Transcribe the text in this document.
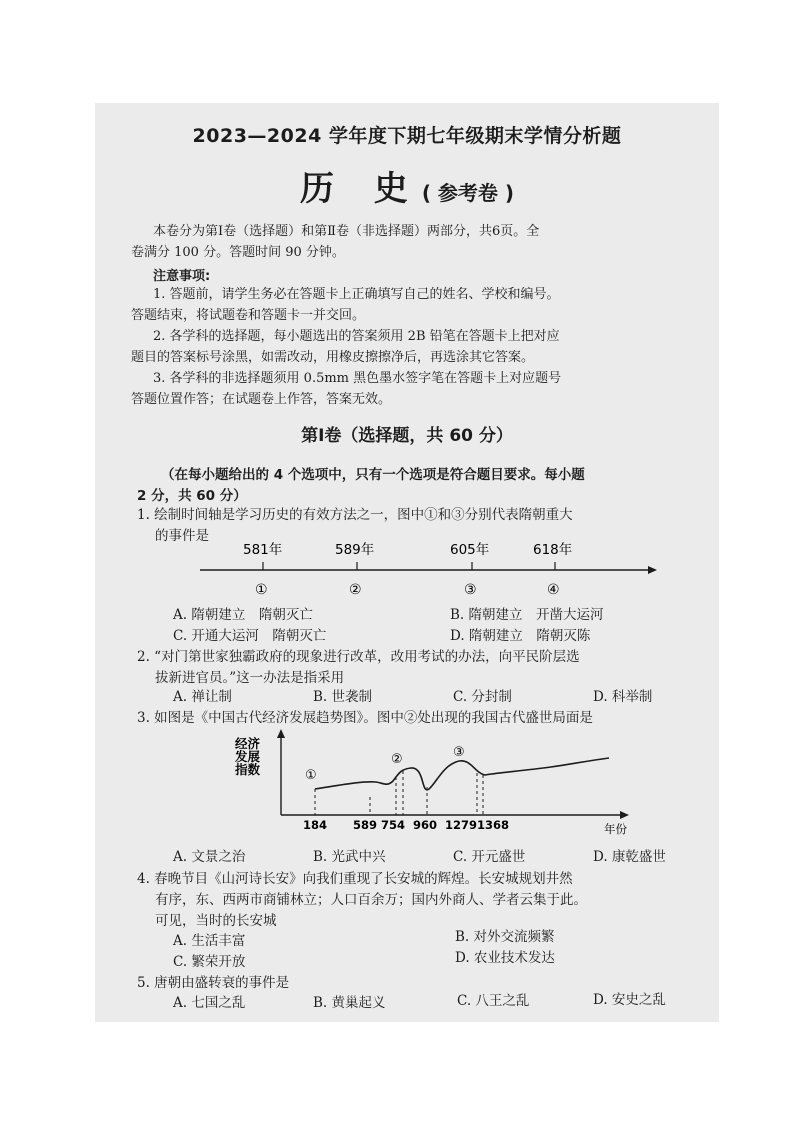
2023—2024 学年度下期七年级期末学情分析题
历 史( 参考卷 )
本卷分为第Ⅰ卷（选择题）和第Ⅱ卷（非选择题）两部分，共6页。全
卷满分 100 分。答题时间 90 分钟。
注意事项:
1. 答题前，请学生务必在答题卡上正确填写自己的姓名、学校和编号。
答题结束，将试题卷和答题卡一并交回。
2. 各学科的选择题，每小题选出的答案须用 2B 铅笔在答题卡上把对应
题目的答案标号涂黑，如需改动，用橡皮擦擦净后，再选涂其它答案。
3. 各学科的非选择题须用 0.5mm 黑色墨水签字笔在答题卡上对应题号
答题位置作答；在试题卷上作答，答案无效。
第Ⅰ卷（选择题，共 60 分）
（在每小题给出的 4 个选项中，只有一个选项是符合题目要求。每小题
2 分，共 60 分）
1. 绘制时间轴是学习历史的有效方法之一，图中①和③分别代表隋朝重大
的事件是
581年	589年	605年	618年
①	②	③	④
A. 隋朝建立　隋朝灭亡	B. 隋朝建立　开凿大运河
C. 开通大运河　隋朝灭亡	D. 隋朝建立　隋朝灭陈
2. “对门第世家独霸政府的现象进行改革，改用考试的办法，向平民阶层选
拔新进官员。”这一办法是指采用
A. 禅让制	B. 世袭制	C. 分封制	D. 科举制
3. 如图是《中国古代经济发展趋势图》。图中②处出现的我国古代盛世局面是
经济
发展
指数	①
②	③
184 589 754 960 1279 1368	年份
A. 文景之治	B. 光武中兴	C. 开元盛世	D. 康乾盛世
4. 春晚节目《山河诗长安》向我们重现了长安城的辉煌。长安城规划井然
有序，东、西两市商铺林立；人口百余万；国内外商人、学者云集于此。
可见，当时的长安城
A. 生活丰富	B. 对外交流频繁
C. 繁荣开放	D. 农业技术发达
5. 唐朝由盛转衰的事件是
A. 七国之乱	B. 黄巢起义	C. 八王之乱	D. 安史之乱
